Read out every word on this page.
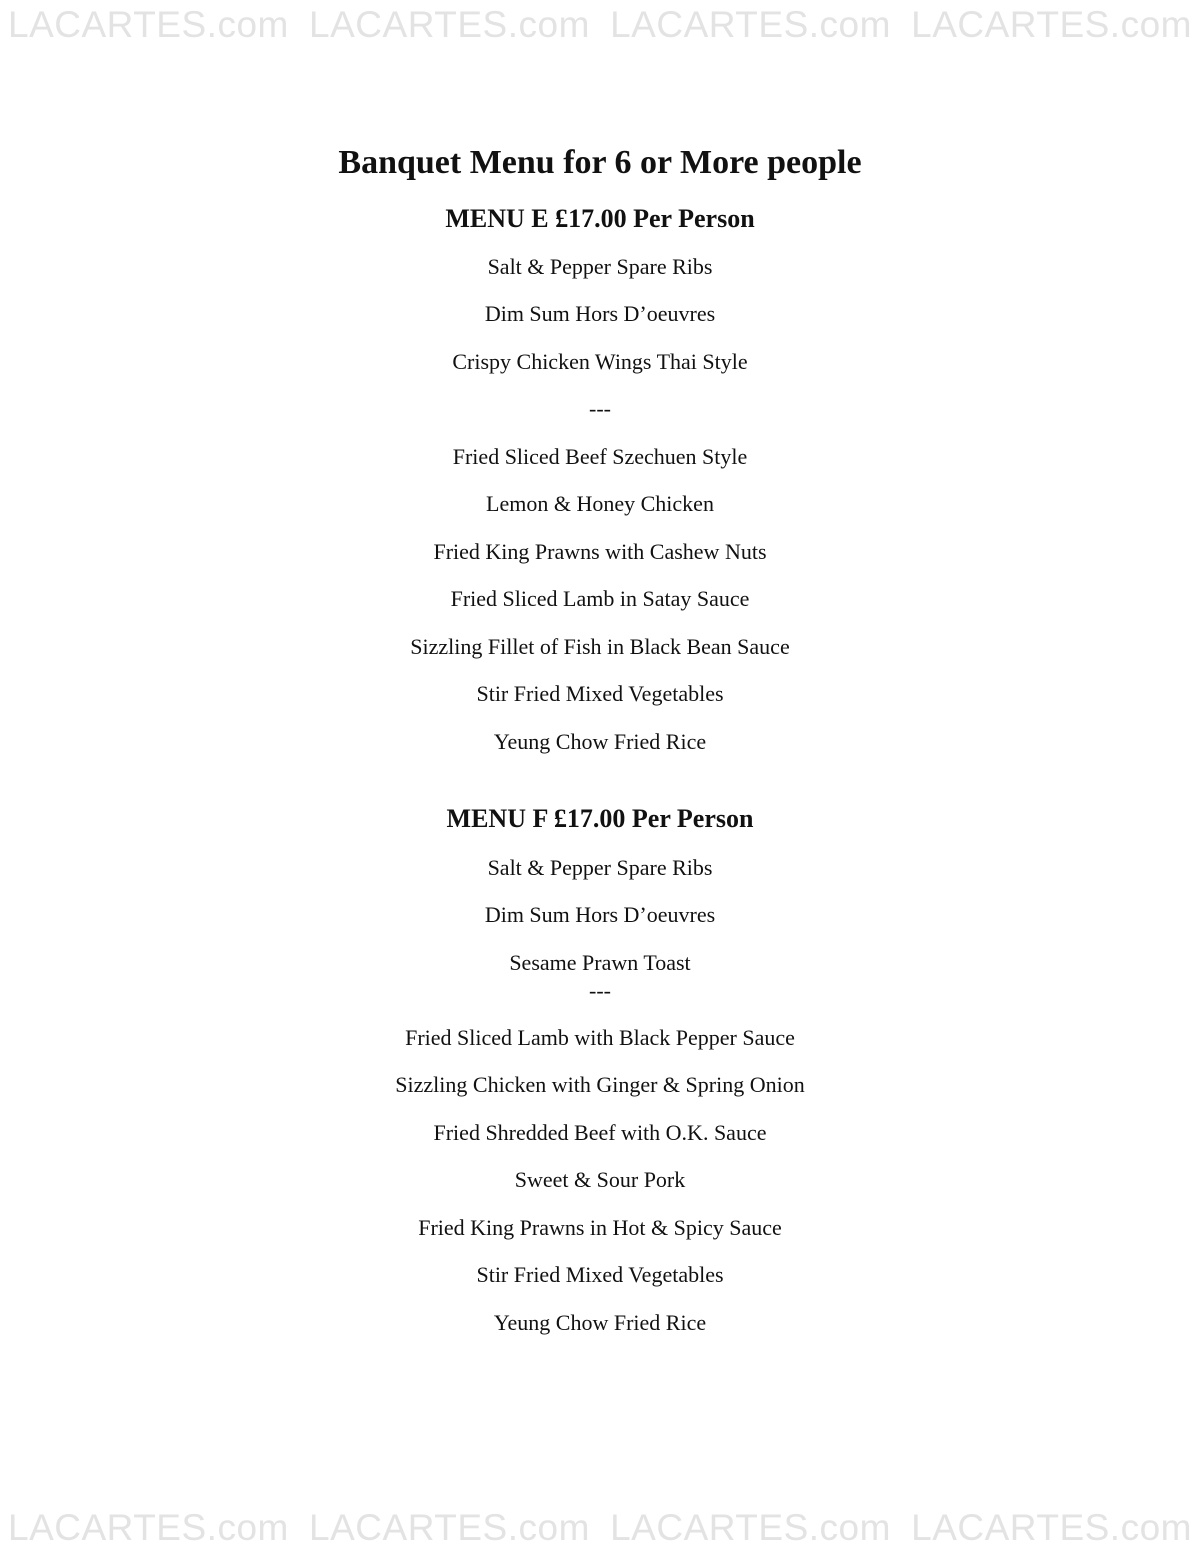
LACARTES.com LACARTES.com LACARTES.com LACARTES.com
LACARTES.com LACARTES.com LACARTES.com LACARTES.com
Banquet Menu for 6 or More people
MENU E £17.00 Per Person
Salt & Pepper Spare Ribs
Dim Sum Hors D’oeuvres
Crispy Chicken Wings Thai Style
---
Fried Sliced Beef Szechuen Style
Lemon & Honey Chicken
Fried King Prawns with Cashew Nuts
Fried Sliced Lamb in Satay Sauce
Sizzling Fillet of Fish in Black Bean Sauce
Stir Fried Mixed Vegetables
Yeung Chow Fried Rice
MENU F £17.00 Per Person
Salt & Pepper Spare Ribs
Dim Sum Hors D’oeuvres
Sesame Prawn Toast
---
Fried Sliced Lamb with Black Pepper Sauce
Sizzling Chicken with Ginger & Spring Onion
Fried Shredded Beef with O.K. Sauce
Sweet & Sour Pork
Fried King Prawns in Hot & Spicy Sauce
Stir Fried Mixed Vegetables
Yeung Chow Fried Rice
